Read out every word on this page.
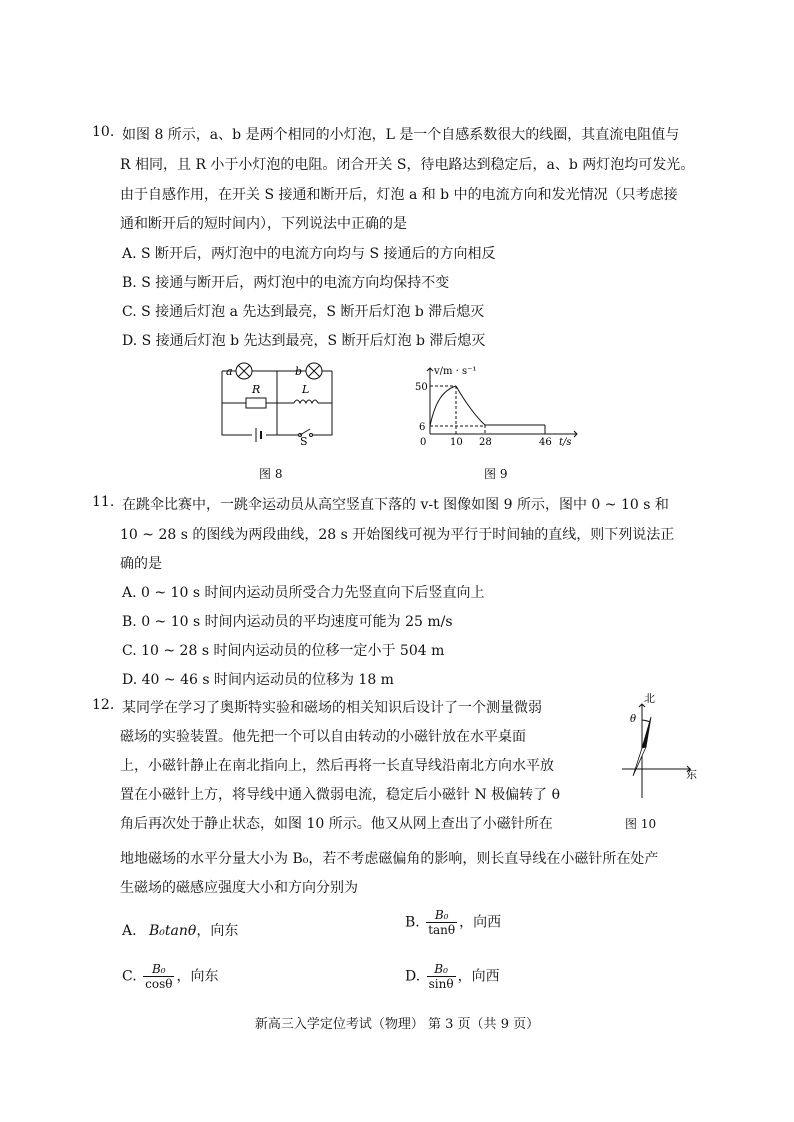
10. 如图 8 所示，a、b 是两个相同的小灯泡，L 是一个自感系数很大的线圈，其直流电阻值与
R 相同，且 R 小于小灯泡的电阻。闭合开关 S，待电路达到稳定后，a、b 两灯泡均可发光。
由于自感作用，在开关 S 接通和断开后，灯泡 a 和 b 中的电流方向和发光情况（只考虑接
通和断开后的短时间内），下列说法中正确的是
A. S 断开后，两灯泡中的电流方向均与 S 接通后的方向相反
B. S 接通与断开后，两灯泡中的电流方向均保持不变
C. S 接通后灯泡 a 先达到最亮，S 断开后灯泡 b 滞后熄灭
D. S 接通后灯泡 b 先达到最亮，S 断开后灯泡 b 滞后熄灭
a	b
R	L
S
图 8
v/m · s⁻¹
50
6
0 10 28	46 t/s
图 9
11. 在跳伞比赛中，一跳伞运动员从高空竖直下落的 v-t 图像如图 9 所示，图中 0 ~ 10 s 和
10 ~ 28 s 的图线为两段曲线，28 s 开始图线可视为平行于时间轴的直线，则下列说法正
确的是
A. 0 ~ 10 s 时间内运动员所受合力先竖直向下后竖直向上
B. 0 ~ 10 s 时间内运动员的平均速度可能为 25 m/s
C. 10 ~ 28 s 时间内运动员的位移一定小于 504 m
D. 40 ~ 46 s 时间内运动员的位移为 18 m
12. 某同学在学习了奥斯特实验和磁场的相关知识后设计了一个测量微弱
磁场的实验装置。他先把一个可以自由转动的小磁针放在水平桌面
上，小磁针静止在南北指向上，然后再将一长直导线沿南北方向水平放
置在小磁针上方，将导线中通入微弱电流，稳定后小磁针 N 极偏转了 θ
角后再次处于静止状态，如图 10 所示。他又从网上查出了小磁针所在
地地磁场的水平分量大小为 B₀，若不考虑磁偏角的影响，则长直导线在小磁针所在处产
生磁场的磁感应强度大小和方向分别为
北
东
θ
图 10
A. B₀tanθ，向东
B. $\frac{\text{B₀}}{\tan\theta}$ ，向西
C. $\frac{\text{B₀}}{\cos\theta}$ ，向东	D. $\frac{\text{B₀}}{\sin\theta}$ ，向西
新高三入学定位考试（物理） 第 3 页（共 9 页）
